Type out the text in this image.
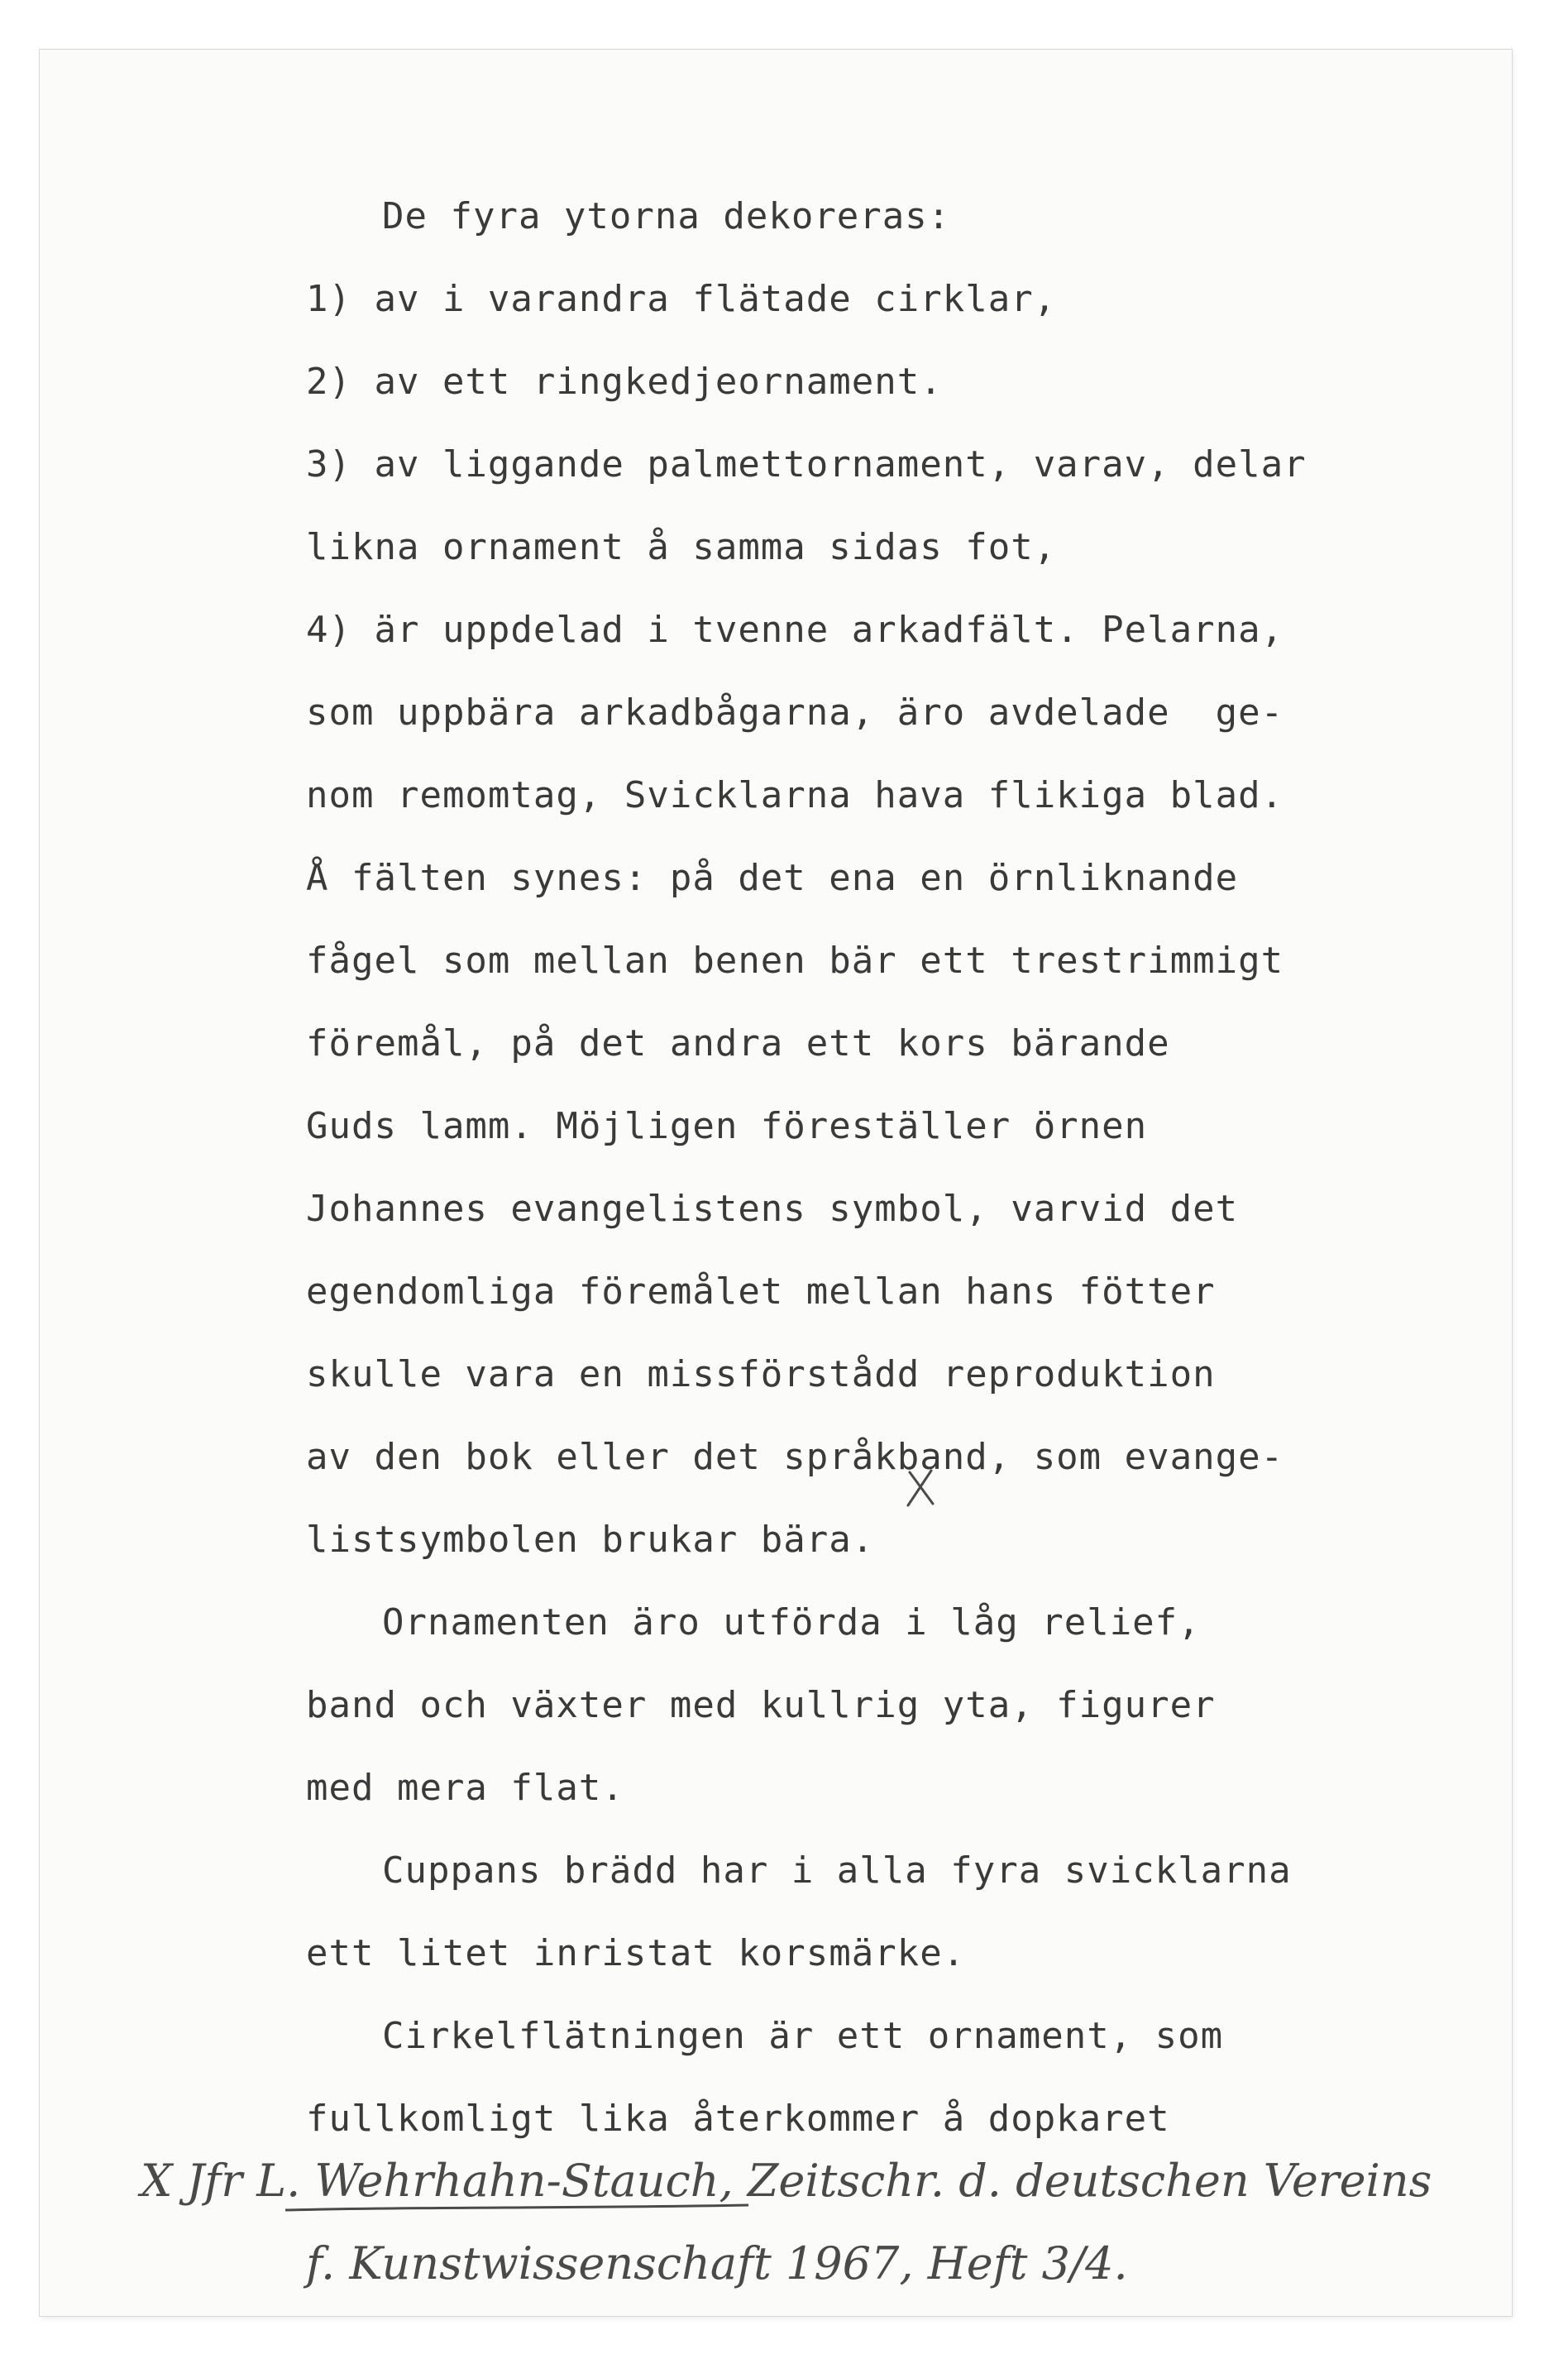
De fyra ytorna dekoreras:
1) av i varandra flätade cirklar,
2) av ett ringkedjeornament.
3) av liggande palmettornament, varav, delar
likna ornament å samma sidas fot,
4) är uppdelad i tvenne arkadfält. Pelarna,
som uppbära arkadbågarna, äro avdelade  ge-
nom remomtag, Svicklarna hava flikiga blad.
Å fälten synes: på det ena en örnliknande
fågel som mellan benen bär ett trestrimmigt
föremål, på det andra ett kors bärande
Guds lamm. Möjligen föreställer örnen
Johannes evangelistens symbol, varvid det
egendomliga föremålet mellan hans fötter
skulle vara en missförstådd reproduktion
av den bok eller det språkband, som evange-
listsymbolen brukar bära.
Ornamenten äro utförda i låg relief,
band och växter med kullrig yta, figurer
med mera flat.
Cuppans brädd har i alla fyra svicklarna
ett litet inristat korsmärke.
Cirkelflätningen är ett ornament, som
fullkomligt lika återkommer å dopkaret
X Jfr L. Wehrhahn-Stauch, Zeitschr. d. deutschen Vereins
f. Kunstwissenschaft 1967, Heft 3/4.
